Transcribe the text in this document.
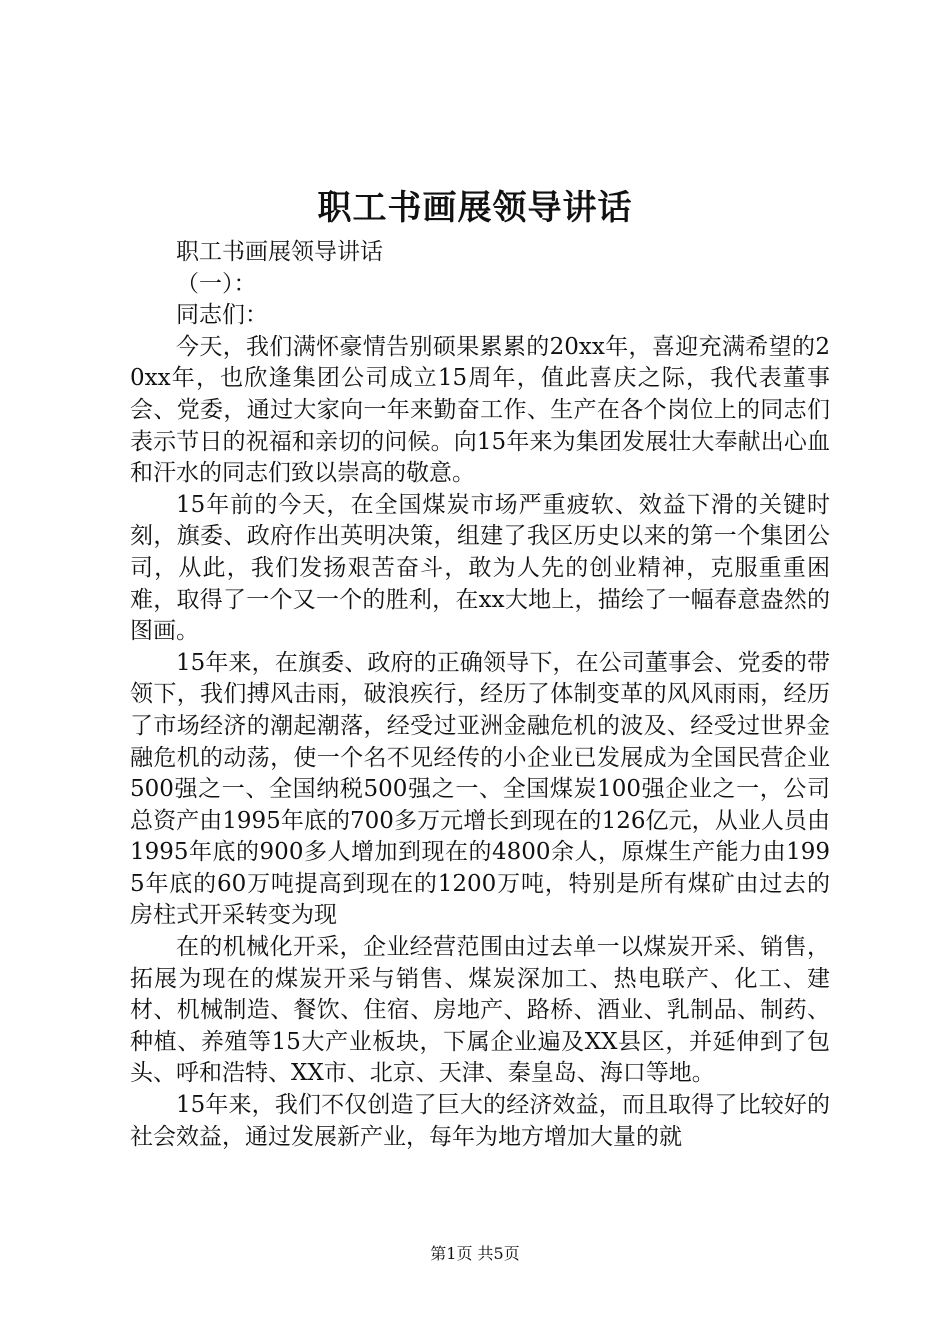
职工书画展领导讲话

职工书画展领导讲话

（一）：

同志们：

今天，我们满怀豪情告别硕果累累的20xx年，喜迎充满希望的20xx年，也欣逢集团公司成立15周年，值此喜庆之际，我代表董事会、党委，通过大家向一年来勤奋工作、生产在各个岗位上的同志们表示节日的祝福和亲切的问候。向15年来为集团发展壮大奉献出心血和汗水的同志们致以崇高的敬意。

15年前的今天，在全国煤炭市场严重疲软、效益下滑的关键时刻，旗委、政府作出英明决策，组建了我区历史以来的第一个集团公司，从此，我们发扬艰苦奋斗，敢为人先的创业精神，克服重重困难，取得了一个又一个的胜利，在xx大地上，描绘了一幅春意盎然的图画。

15年来，在旗委、政府的正确领导下，在公司董事会、党委的带领下，我们搏风击雨，破浪疾行，经历了体制变革的风风雨雨，经历了市场经济的潮起潮落，经受过亚洲金融危机的波及、经受过世界金融危机的动荡，使一个名不见经传的小企业已发展成为全国民营企业500强之一、全国纳税500强之一、全国煤炭100强企业之一，公司总资产由1995年底的700多万元增长到现在的126亿元，从业人员由1995年底的900多人增加到现在的4800余人，原煤生产能力由1995年底的60万吨提高到现在的1200万吨，特别是所有煤矿由过去的房柱式开采转变为现

在的机械化开采，企业经营范围由过去单一以煤炭开采、销售，拓展为现在的煤炭开采与销售、煤炭深加工、热电联产、化工、建材、机械制造、餐饮、住宿、房地产、路桥、酒业、乳制品、制药、种植、养殖等15大产业板块，下属企业遍及XX县区，并延伸到了包头、呼和浩特、XX市、北京、天津、秦皇岛、海口等地。

15年来，我们不仅创造了巨大的经济效益，而且取得了比较好的社会效益，通过发展新产业，每年为地方增加大量的就

第1页 共5页
